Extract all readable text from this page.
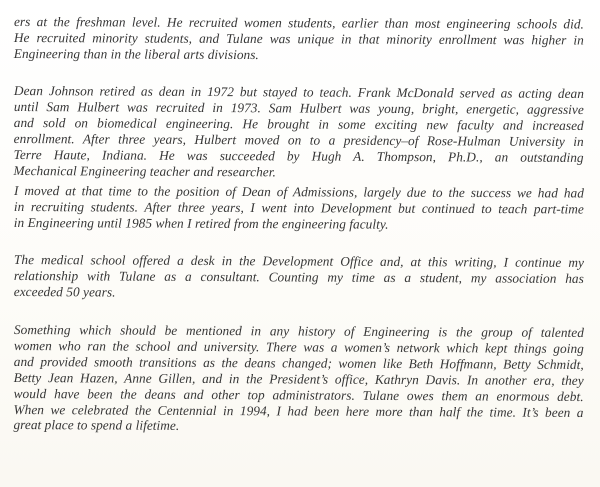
ers at the freshman level. He recruited women students, earlier than most engineering schools did.
He recruited minority students, and Tulane was unique in that minority enrollment was higher in
Engineering than in the liberal arts divisions.

Dean Johnson retired as dean in 1972 but stayed to teach. Frank McDonald served as acting dean
until Sam Hulbert was recruited in 1973. Sam Hulbert was young, bright, energetic, aggressive
and sold on biomedical engineering. He brought in some exciting new faculty and increased
enrollment. After three years, Hulbert moved on to a presidency–of Rose-Hulman University in
Terre Haute, Indiana. He was succeeded by Hugh A. Thompson, Ph.D., an outstanding
Mechanical Engineering teacher and researcher.

I moved at that time to the position of Dean of Admissions, largely due to the success we had had
in recruiting students. After three years, I went into Development but continued to teach part-time
in Engineering until 1985 when I retired from the engineering faculty.

The medical school offered a desk in the Development Office and, at this writing, I continue my
relationship with Tulane as a consultant. Counting my time as a student, my association has
exceeded 50 years.

Something which should be mentioned in any history of Engineering is the group of talented
women who ran the school and university. There was a women’s network which kept things going
and provided smooth transitions as the deans changed; women like Beth Hoffmann, Betty Schmidt,
Betty Jean Hazen, Anne Gillen, and in the President’s office, Kathryn Davis. In another era, they
would have been the deans and other top administrators. Tulane owes them an enormous debt.
When we celebrated the Centennial in 1994, I had been here more than half the time. It’s been a
great place to spend a lifetime.
